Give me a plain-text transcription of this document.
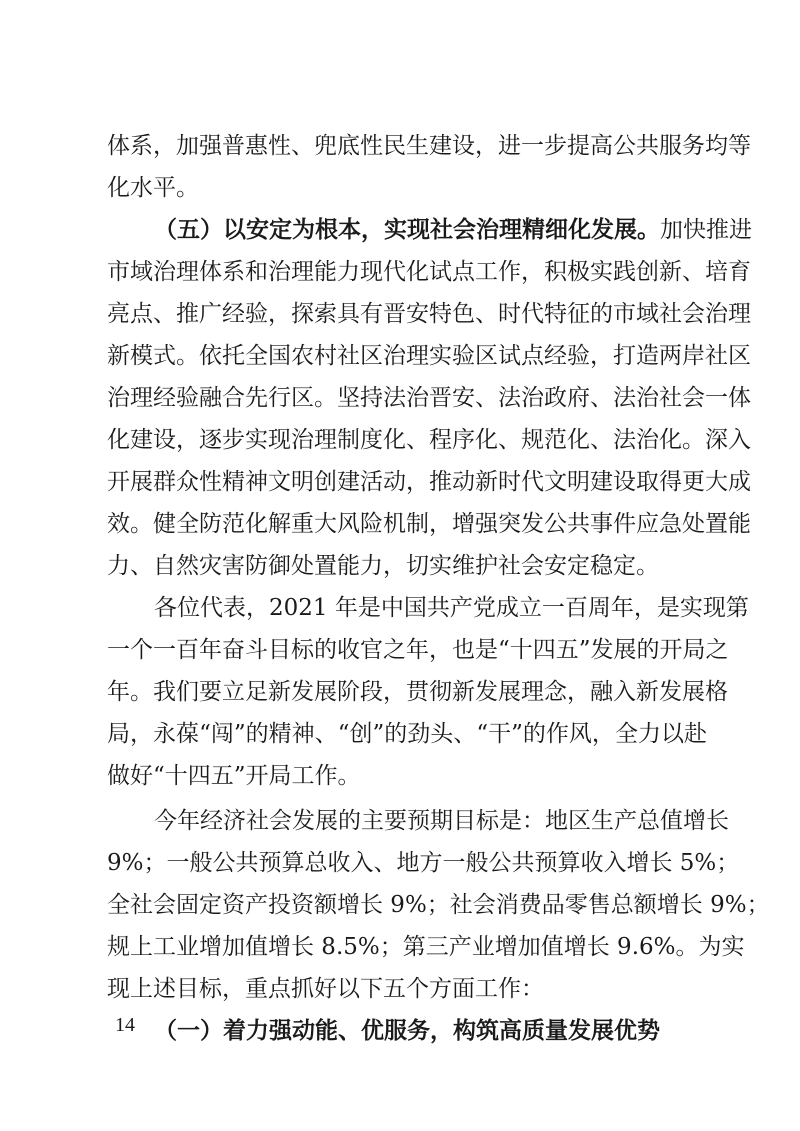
体系，加强普惠性、兜底性民生建设，进一步提高公共服务均等
化水平。
（五）以安定为根本，实现社会治理精细化发展。加快推进
市域治理体系和治理能力现代化试点工作，积极实践创新、培育
亮点、推广经验，探索具有晋安特色、时代特征的市域社会治理
新模式。依托全国农村社区治理实验区试点经验，打造两岸社区
治理经验融合先行区。坚持法治晋安、法治政府、法治社会一体
化建设，逐步实现治理制度化、程序化、规范化、法治化。深入
开展群众性精神文明创建活动，推动新时代文明建设取得更大成
效。健全防范化解重大风险机制，增强突发公共事件应急处置能
力、自然灾害防御处置能力，切实维护社会安定稳定。
各位代表，2021 年是中国共产党成立一百周年，是实现第
一个一百年奋斗目标的收官之年，也是“十四五”发展的开局之
年。我们要立足新发展阶段，贯彻新发展理念，融入新发展格
局，永葆“闯”的精神、“创”的劲头、“干”的作风，全力以赴
做好“十四五”开局工作。
今年经济社会发展的主要预期目标是：地区生产总值增长
9%；一般公共预算总收入、地方一般公共预算收入增长 5%；
全社会固定资产投资额增长 9%；社会消费品零售总额增长 9%；
规上工业增加值增长 8.5%；第三产业增加值增长 9.6%。为实
现上述目标，重点抓好以下五个方面工作：
（一）着力强动能、优服务，构筑高质量发展优势
14
